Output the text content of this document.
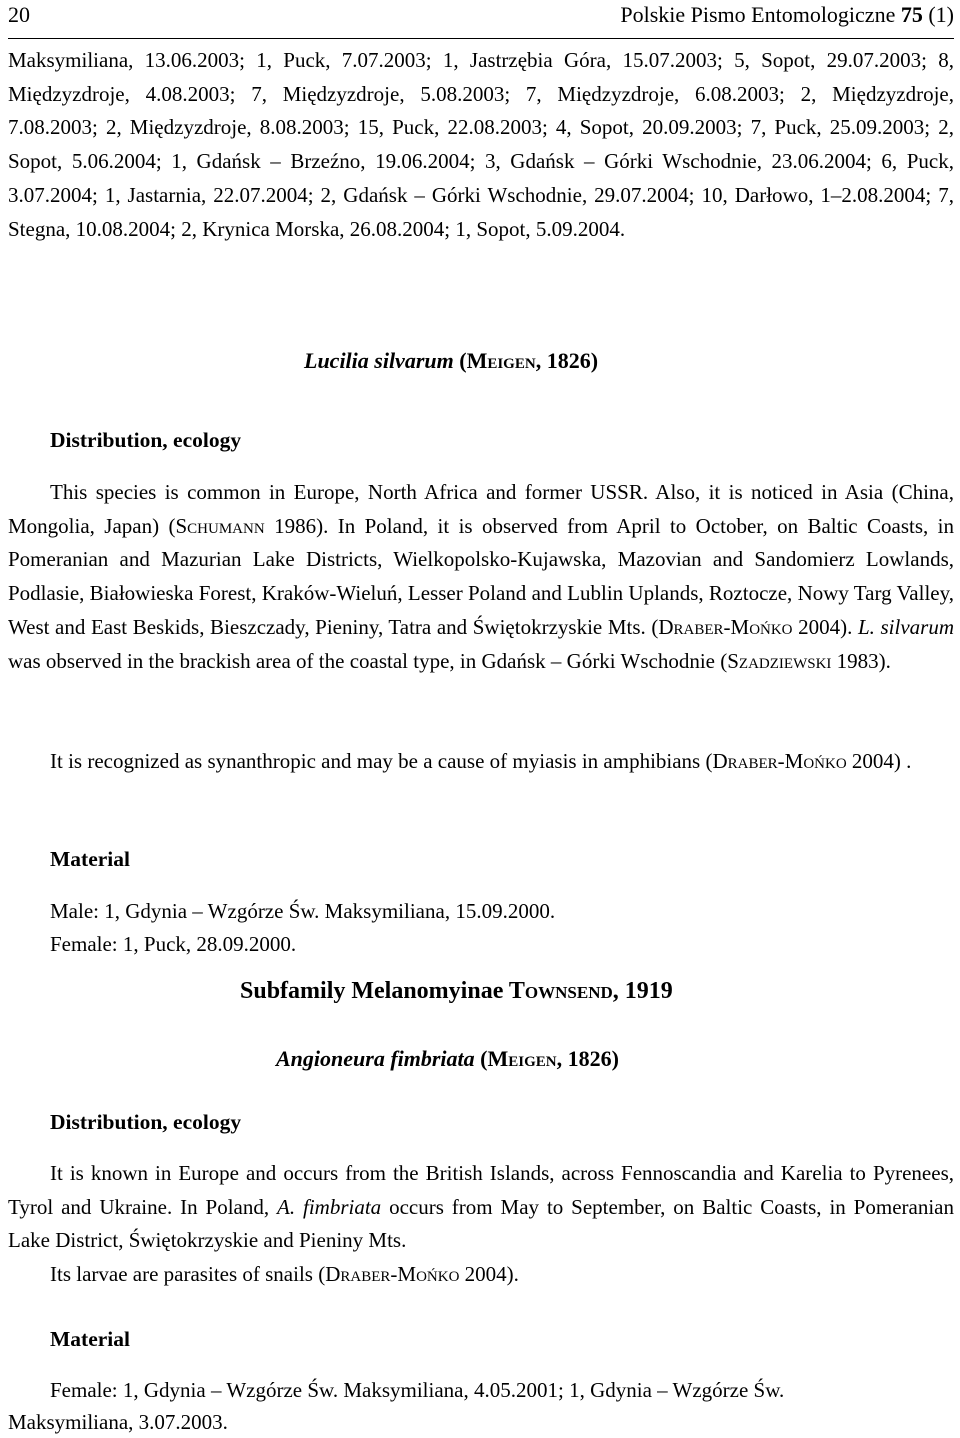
20	Polskie Pismo Entomologiczne 75 (1)

Maksymiliana, 13.06.2003; 1, Puck, 7.07.2003; 1, Jastrzębia Góra, 15.07.2003; 5, Sopot, 29.07.2003; 8, Międzyzdroje, 4.08.2003; 7, Międzyzdroje, 5.08.2003; 7, Międzyzdroje, 6.08.2003; 2, Międzyzdroje, 7.08.2003; 2, Międzyzdroje, 8.08.2003; 15, Puck, 22.08.2003; 4, Sopot, 20.09.2003; 7, Puck, 25.09.2003; 2, Sopot, 5.06.2004; 1, Gdańsk – Brzeźno, 19.06.2004; 3, Gdańsk – Górki Wschodnie, 23.06.2004; 6, Puck, 3.07.2004; 1, Jastarnia, 22.07.2004; 2, Gdańsk – Górki Wschodnie, 29.07.2004; 10, Darłowo, 1–2.08.2004; 7, Stegna, 10.08.2004; 2, Krynica Morska, 26.08.2004; 1, Sopot, 5.09.2004.

Lucilia silvarum (Meigen, 1826)
Distribution, ecology

This species is common in Europe, North Africa and former USSR. Also, it is noticed in Asia (China, Mongolia, Japan) (Schumann 1986). In Poland, it is observed from April to October, on Baltic Coasts, in Pomeranian and Mazurian Lake Districts, Wielkopolsko-Kujawska, Mazovian and Sandomierz Lowlands, Podlasie, Białowieska Forest, Kraków-Wieluń, Lesser Poland and Lublin Uplands, Roztocze, Nowy Targ Valley, West and East Beskids, Bieszczady, Pieniny, Tatra and Świętokrzyskie Mts. (Draber-Mońko 2004). L. silvarum was observed in the brackish area of the coastal type, in Gdańsk – Górki Wschodnie (Szadziewski 1983).

It is recognized as synanthropic and may be a cause of myiasis in amphibians (Draber-Mońko 2004) .

Material
Male: 1, Gdynia – Wzgórze Św. Maksymiliana, 15.09.2000.
Female: 1, Puck, 28.09.2000.
Subfamily Melanomyinae Townsend, 1919
Angioneura fimbriata (Meigen, 1826)
Distribution, ecology

It is known in Europe and occurs from the British Islands, across Fennoscandia and Karelia to Pyrenees, Tyrol and Ukraine. In Poland, A. fimbriata occurs from May to September, on Baltic Coasts, in Pomeranian Lake District, Świętokrzyskie and Pieniny Mts.

Its larvae are parasites of snails (Draber-Mońko 2004).

Material
Female: 1, Gdynia – Wzgórze Św. Maksymiliana, 4.05.2001; 1, Gdynia – Wzgórze Św.
Maksymiliana, 3.07.2003.
